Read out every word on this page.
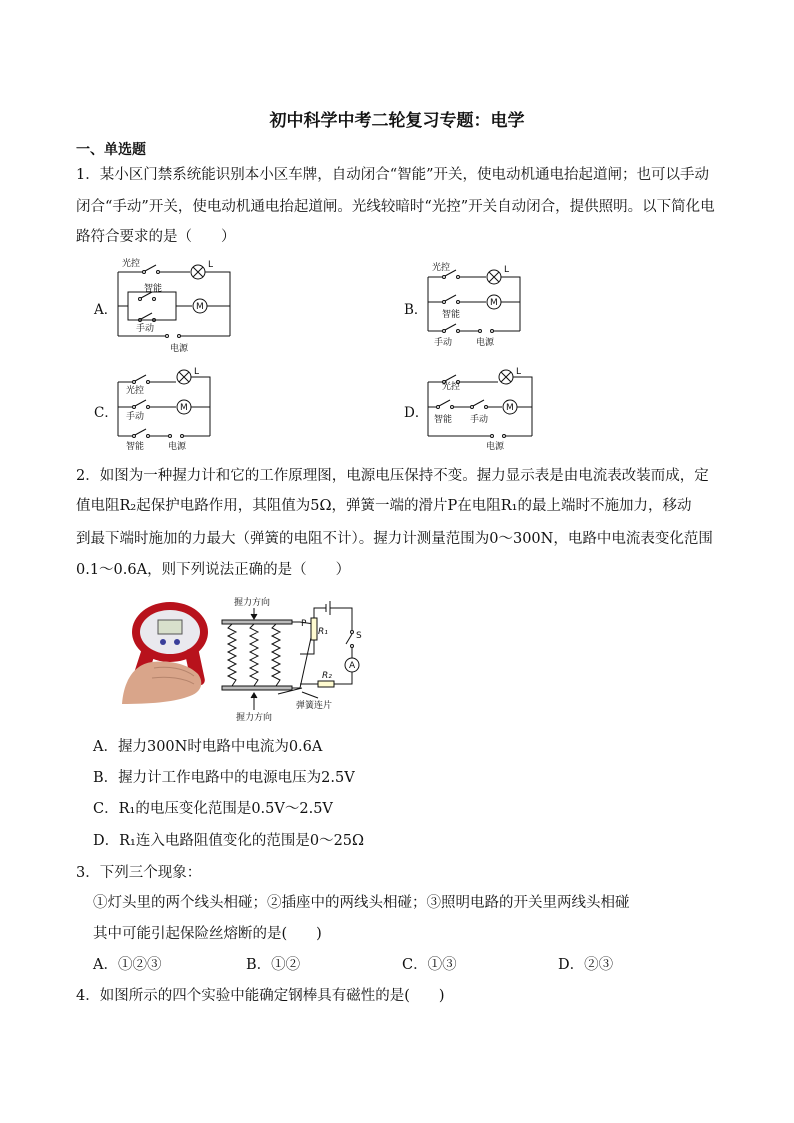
初中科学中考二轮复习专题：电学
一、单选题
1．某小区门禁系统能识别本小区车牌，自动闭合“智能”开关，使电动机通电抬起道闸；也可以手动
闭合“手动”开关，使电动机通电抬起道闸。光线较暗时“光控”开关自动闭合，提供照明。以下简化电
路符合要求的是（　　）
A．	B．
C．	D．
光控	L
智能
M
手动
电源
光控	L
M
智能
手动	电源
光控
L
手动
M
智能	电源
光控
L
智能 手动
M
电源
2．如图为一种握力计和它的工作原理图，电源电压保持不变。握力显示表是由电流表改装而成，定
值电阻R₂起保护电路作用，其阻值为5Ω，弹簧一端的滑片P在电阻R₁的最上端时不施加力，移动
到最下端时施加的力最大（弹簧的电阻不计）。握力计测量范围为0～300N，电路中电流表变化范围
0.1～0.6A，则下列说法正确的是（　　）
握力方向
P
R₁	S
A
R₂
握力方向
弹簧连片
A．握力300N时电路中电流为0.6A
B．握力计工作电路中的电源电压为2.5V
C．R₁的电压变化范围是0.5V～2.5V
D．R₁连入电路阻值变化的范围是0～25Ω
3．下列三个现象：
①灯头里的两个线头相碰；②插座中的两线头相碰；③照明电路的开关里两线头相碰
其中可能引起保险丝熔断的是(　　)
A．①②③	B．①②	C．①③	D．②③
4．如图所示的四个实验中能确定钢棒具有磁性的是(　　)
